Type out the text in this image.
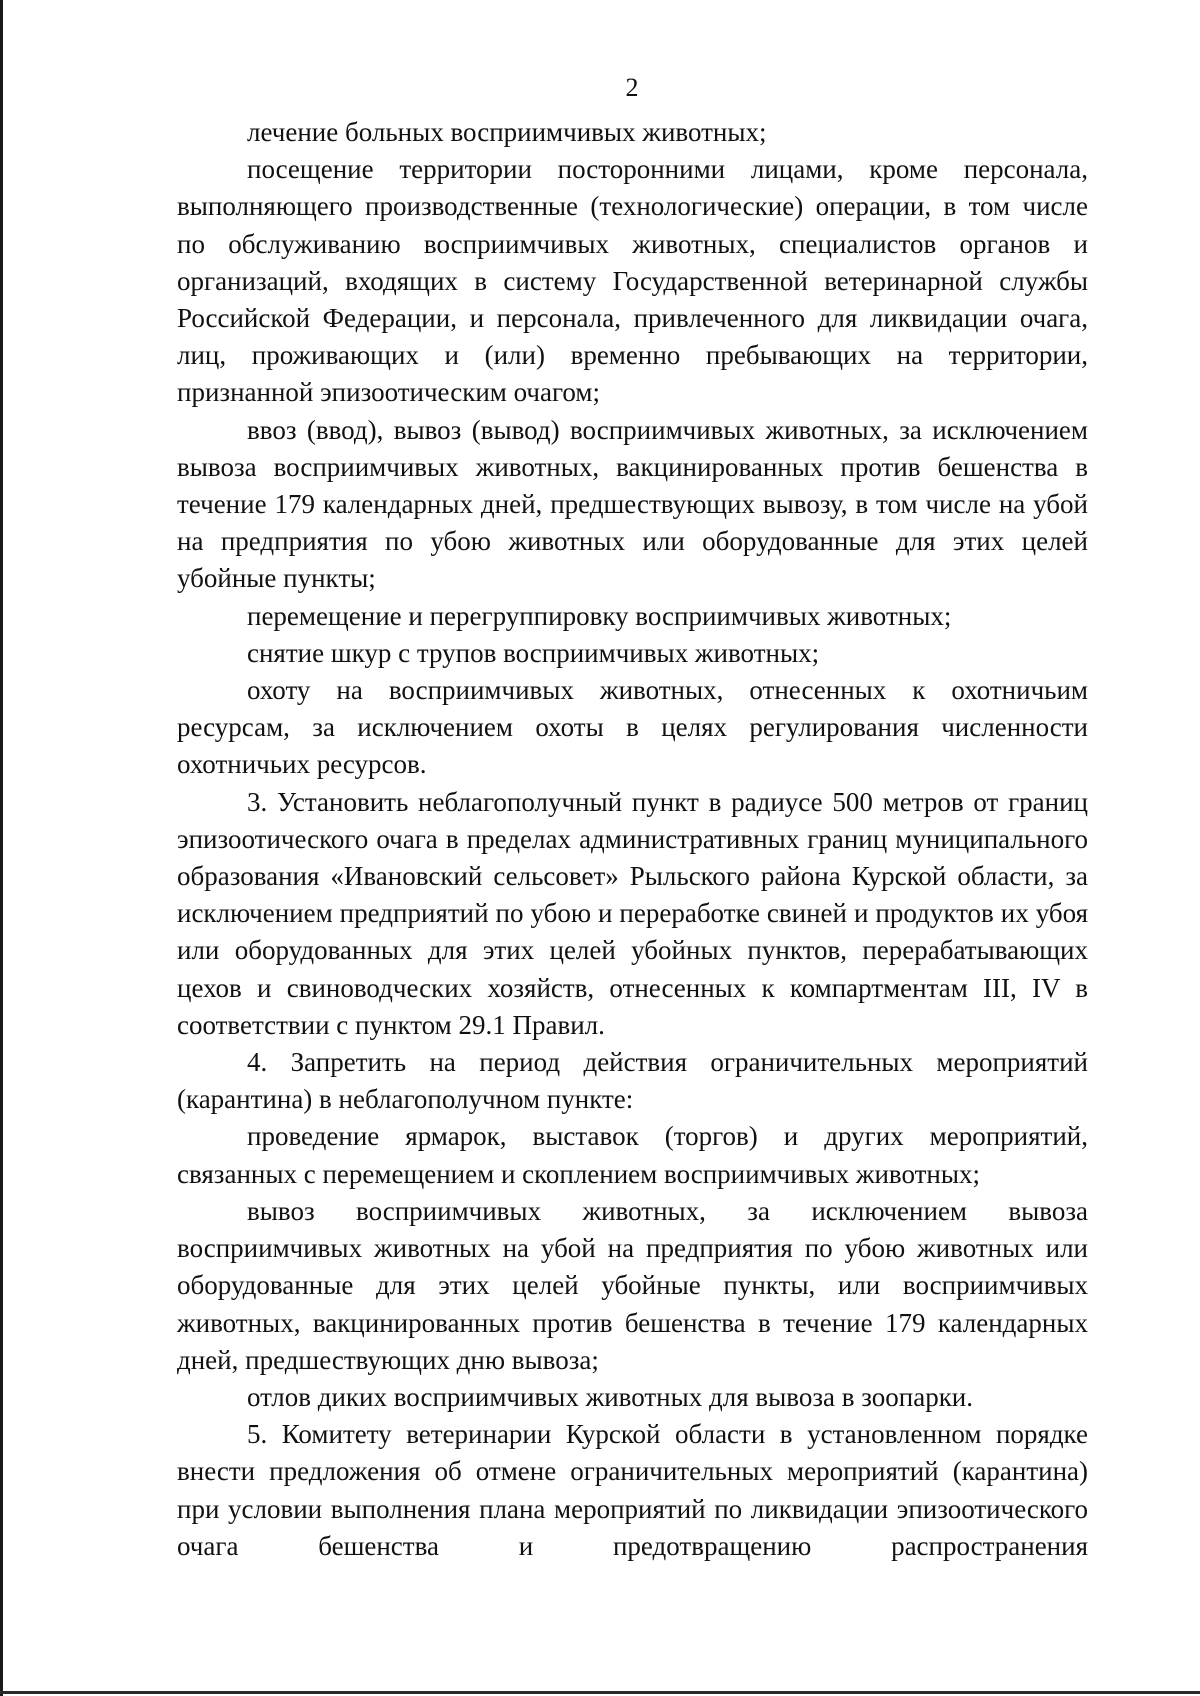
2

лечение больных восприимчивых животных;

посещение территории посторонними лицами, кроме персонала, выполняющего производственные (технологические) операции, в том числе по обслуживанию восприимчивых животных, специалистов органов и организаций, входящих в систему Государственной ветеринарной службы Российской Федерации, и персонала, привлеченного для ликвидации очага, лиц, проживающих и (или) временно пребывающих на территории, признанной эпизоотическим очагом;

ввоз (ввод), вывоз (вывод) восприимчивых животных, за исключением вывоза восприимчивых животных, вакцинированных против бешенства в течение 179 календарных дней, предшествующих вывозу, в том числе на убой на предприятия по убою животных или оборудованные для этих целей убойные пункты;

перемещение и перегруппировку восприимчивых животных;

снятие шкур с трупов восприимчивых животных;

охоту на восприимчивых животных, отнесенных к охотничьим ресурсам, за исключением охоты в целях регулирования численности охотничьих ресурсов.

3. Установить неблагополучный пункт в радиусе 500 метров от границ эпизоотического очага в пределах административных границ муниципального образования «Ивановский сельсовет» Рыльского района Курской области, за исключением предприятий по убою и переработке свиней и продуктов их убоя или оборудованных для этих целей убойных пунктов, перерабатывающих цехов и свиноводческих хозяйств, отнесенных к компартментам III, IV в соответствии с пунктом 29.1 Правил.

4. Запретить на период действия ограничительных мероприятий (карантина) в неблагополучном пункте:

проведение ярмарок, выставок (торгов) и других мероприятий, связанных с перемещением и скоплением восприимчивых животных;

вывоз восприимчивых животных, за исключением вывоза восприимчивых животных на убой на предприятия по убою животных или оборудованные для этих целей убойные пункты, или восприимчивых животных, вакцинированных против бешенства в течение 179 календарных дней, предшествующих дню вывоза;

отлов диких восприимчивых животных для вывоза в зоопарки.

5. Комитету ветеринарии Курской области в установленном порядке внести предложения об отмене ограничительных мероприятий (карантина) при условии выполнения плана мероприятий по ликвидации эпизоотического очага бешенства и предотвращению распространения
